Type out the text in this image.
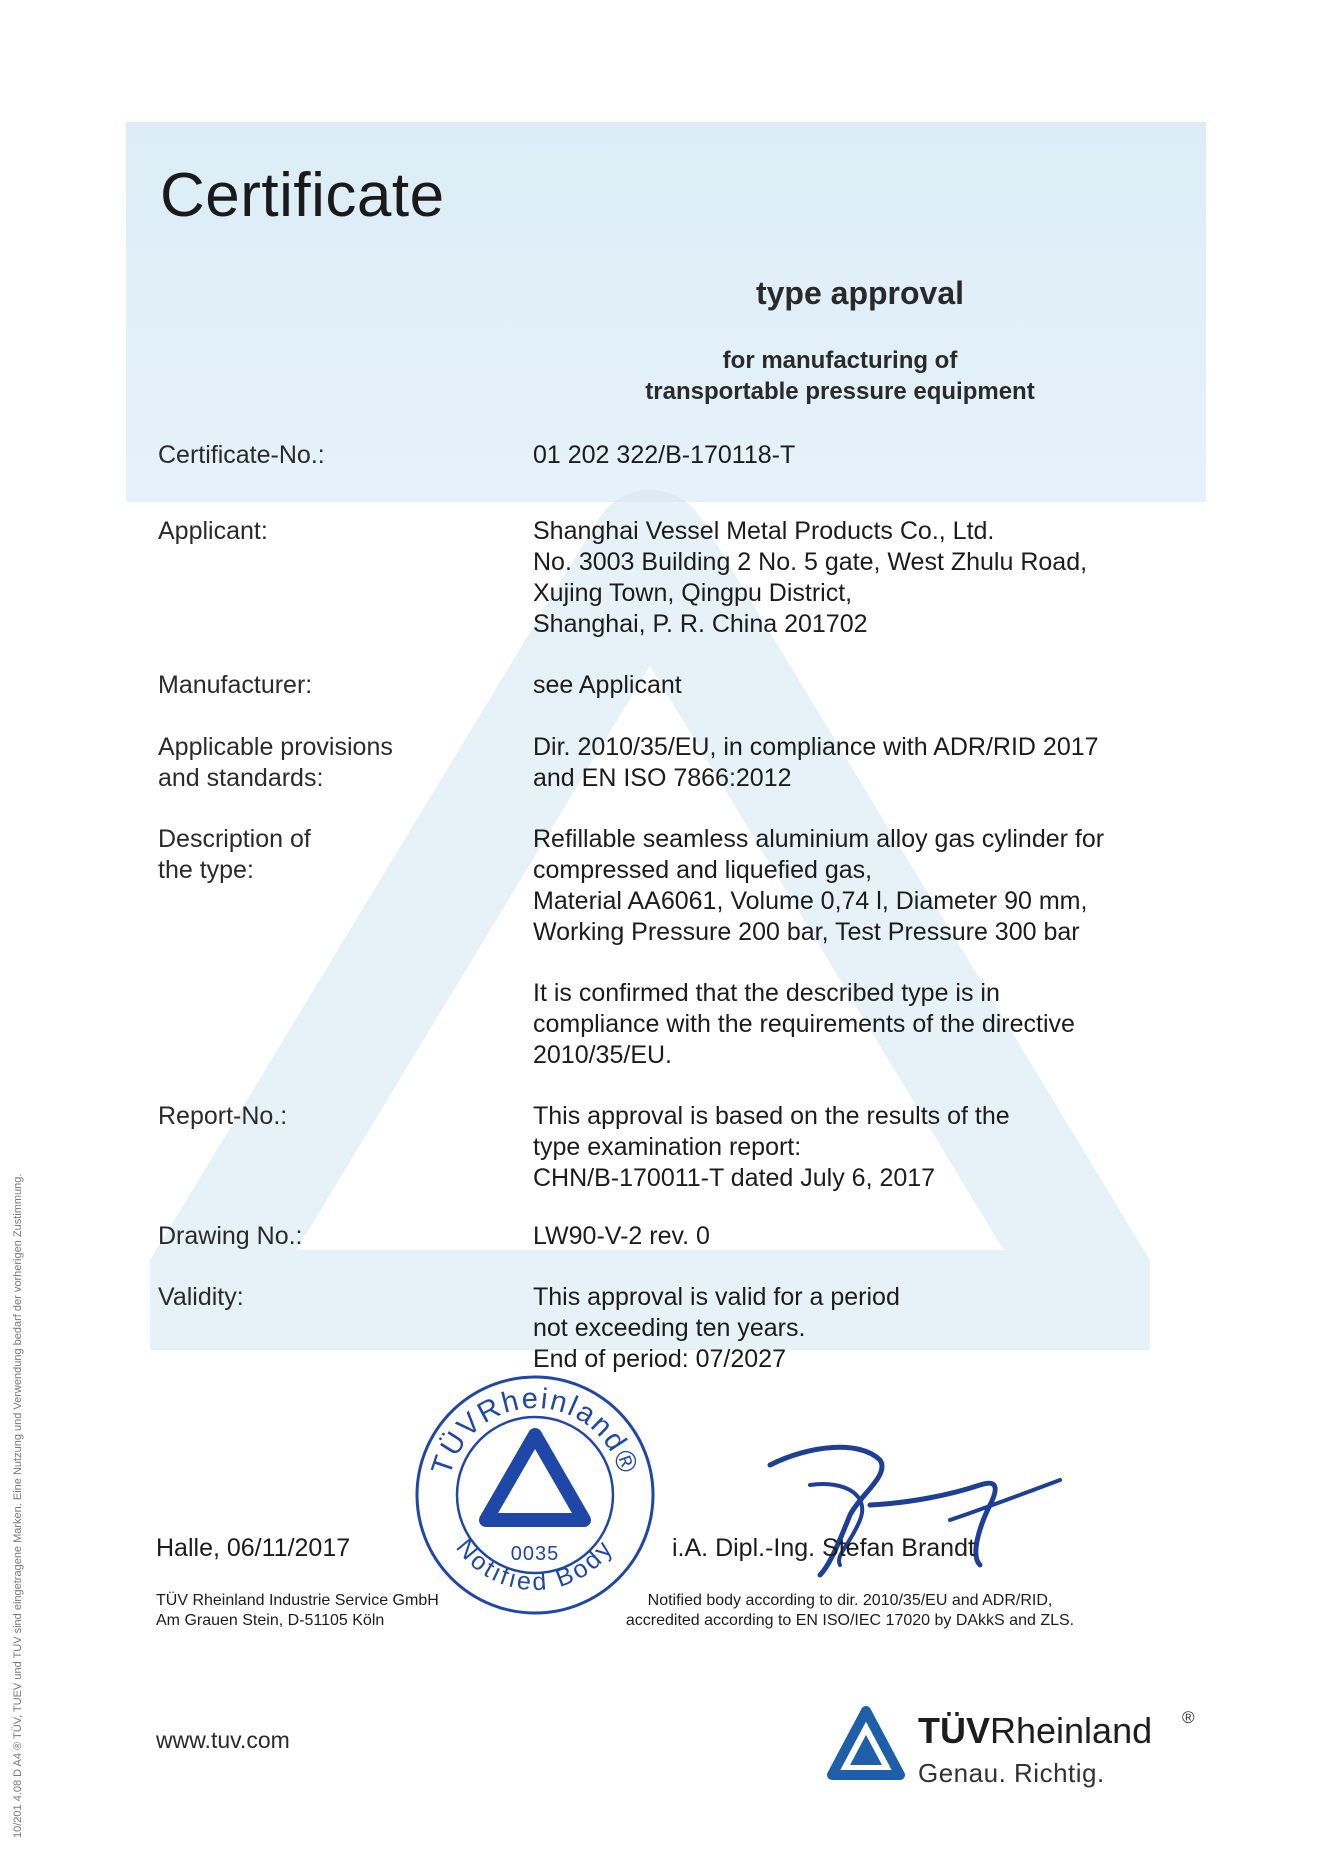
Certificate
type approval
for manufacturing of
transportable pressure equipment
Certificate-No.:	01 202 322/B-170118-T
Applicant:	Shanghai Vessel Metal Products Co., Ltd.
No. 3003 Building 2 No. 5 gate, West Zhulu Road,
Xujing Town, Qingpu District,
Shanghai, P. R. China 201702
Manufacturer:	see Applicant
Applicable provisions
and standards:
Dir. 2010/35/EU, in compliance with ADR/RID 2017
and EN ISO 7866:2012
Description of
the type:
Refillable seamless aluminium alloy gas cylinder for
compressed and liquefied gas,
Material AA6061, Volume 0,74 l, Diameter 90 mm,
Working Pressure 200 bar, Test Pressure 300 bar
It is confirmed that the described type is in
compliance with the requirements of the directive
2010/35/EU.
Report-No.:	This approval is based on the results of the
type examination report:
CHN/B-170011-T dated July 6, 2017
Drawing No.:	LW90-V-2 rev. 0
Validity:	This approval is valid for a period
not exceeding ten years.
End of period: 07/2027
TÜVRheinland®
Notified Body
0035
Halle, 06/11/2017	i.A. Dipl.-Ing. Stefan Brandt
TÜV Rheinland Industrie Service GmbH
Am Grauen Stein, D-51105 Köln
Notified body according to dir. 2010/35/EU and ADR/RID,
accredited according to EN ISO/IEC 17020 by DAkkS and ZLS.
www.tuv.com	TÜVRheinland ®
Genau. Richtig.
10/201 4.08 D A4 ® TÜV, TUEV und TUV sind eingetragene Marken. Eine Nutzung und Verwendung bedarf der vorherigen Zustimmung.
